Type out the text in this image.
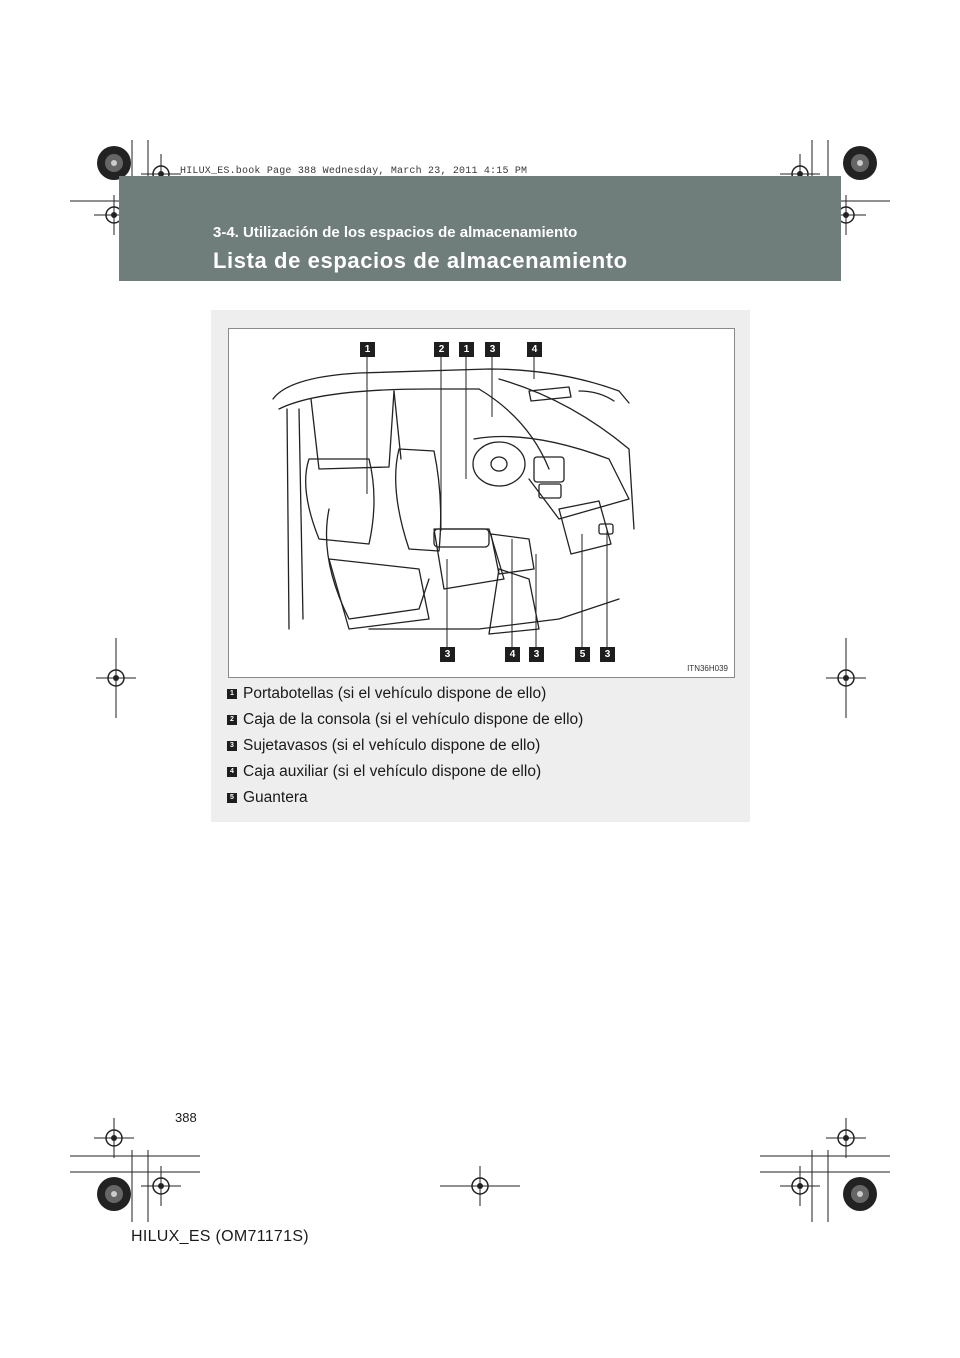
HILUX_ES.book Page 388 Wednesday, March 23, 2011 4:15 PM
3-4. Utilización de los espacios de almacenamiento
Lista de espacios de almacenamiento
1	2	1	3	4
3	4	3	5	3
ITN36H039
1 Portabotellas (si el vehículo dispone de ello)
2 Caja de la consola (si el vehículo dispone de ello)
3 Sujetavasos (si el vehículo dispone de ello)
4 Caja auxiliar (si el vehículo dispone de ello)
5 Guantera
388
HILUX_ES (OM71171S)
